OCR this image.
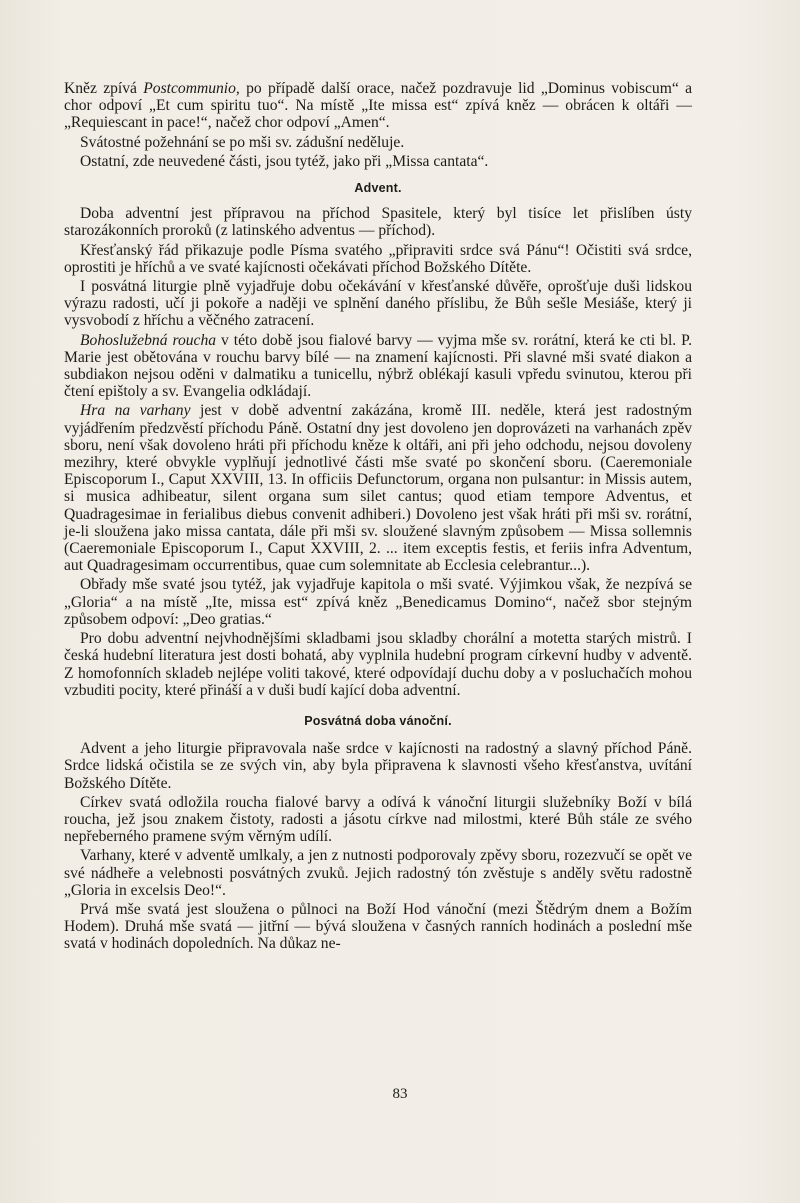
Kněz zpívá Postcommunio, po případě další orace, načež pozdravuje lid „Dominus vobiscum“ a chor odpoví „Et cum spiritu tuo“. Na místě „Ite missa est“ zpívá kněz — obrácen k oltáři — „Requiescant in pace!“, načež chor odpoví „Amen“.

Svátostné požehnání se po mši sv. zádušní neděluje.

Ostatní, zde neuvedené části, jsou tytéž, jako při „Missa cantata“.

Advent.

Doba adventní jest přípravou na příchod Spasitele, který byl tisíce let přislíben ústy starozákonních proroků (z latinského adventus — příchod).

Křesťanský řád přikazuje podle Písma svatého „připraviti srdce svá Pánu“! Očistiti svá srdce, oprostiti je hříchů a ve svaté kajícnosti očekávati příchod Božského Dítěte.

I posvátná liturgie plně vyjadřuje dobu očekávání v křesťanské důvěře, oprošťuje duši lidskou výrazu radosti, učí ji pokoře a naději ve splnění daného příslibu, že Bůh sešle Mesiáše, který ji vysvobodí z hříchu a věčného zatracení.

Bohoslužebná roucha v této době jsou fialové barvy — vyjma mše sv. rorátní, která ke cti bl. P. Marie jest obětována v rouchu barvy bílé — na znamení kajícnosti. Při slavné mši svaté diakon a subdiakon nejsou oděni v dalmatiku a tunicellu, nýbrž oblékají kasuli vpředu svinutou, kterou při čtení epištoly a sv. Evangelia odkládají.

Hra na varhany jest v době adventní zakázána, kromě III. neděle, která jest radostným vyjádřením předzvěstí příchodu Páně. Ostatní dny jest dovoleno jen doprovázeti na varhanách zpěv sboru, není však dovoleno hráti při příchodu kněze k oltáři, ani při jeho odchodu, nejsou dovoleny mezihry, které obvykle vyplňují jednotlivé části mše svaté po skončení sboru. (Caeremoniale Episcoporum I., Caput XXVIII, 13. In officiis Defunctorum, organa non pulsantur: in Missis autem, si musica adhibeatur, silent organa sum silet cantus; quod etiam tempore Adventus, et Quadragesimae in ferialibus diebus convenit adhiberi.) Dovoleno jest však hráti při mši sv. rorátní, je-li sloužena jako missa cantata, dále při mši sv. sloužené slavným způsobem — Missa sollemnis (Caeremoniale Episcoporum I., Caput XXVIII, 2. ... item exceptis festis, et feriis infra Adventum, aut Quadragesimam occurrentibus, quae cum solemnitate ab Ecclesia celebrantur...).

Obřady mše svaté jsou tytéž, jak vyjadřuje kapitola o mši svaté. Výjimkou však, že nezpívá se „Gloria“ a na místě „Ite, missa est“ zpívá kněz „Benedicamus Domino“, načež sbor stejným způsobem odpoví: „Deo gratias.“

Pro dobu adventní nejvhodnějšími skladbami jsou skladby chorální a motetta starých mistrů. I česká hudební literatura jest dosti bohatá, aby vyplnila hudební program církevní hudby v adventě. Z homofonních skladeb nejlépe voliti takové, které odpovídají duchu doby a v posluchačích mohou vzbuditi pocity, které přináší a v duši budí kající doba adventní.

Posvátná doba vánoční.

Advent a jeho liturgie připravovala naše srdce v kajícnosti na radostný a slavný příchod Páně. Srdce lidská očistila se ze svých vin, aby byla připravena k slavnosti všeho křesťanstva, uvítání Božského Dítěte.

Církev svatá odložila roucha fialové barvy a odívá k vánoční liturgii služebníky Boží v bílá roucha, jež jsou znakem čistoty, radosti a jásotu církve nad milostmi, které Bůh stále ze svého nepřeberného pramene svým věrným udílí.

Varhany, které v adventě umlkaly, a jen z nutnosti podporovaly zpěvy sboru, rozezvučí se opět ve své nádheře a velebnosti posvátných zvuků. Jejich radostný tón zvěstuje s anděly světu radostně „Gloria in excelsis Deo!“.

Prvá mše svatá jest sloužena o půlnoci na Boží Hod vánoční (mezi Štědrým dnem a Božím Hodem). Druhá mše svatá — jitřní — bývá sloužena v časných ranních hodinách a poslední mše svatá v hodinách dopoledních. Na důkaz ne-

83
